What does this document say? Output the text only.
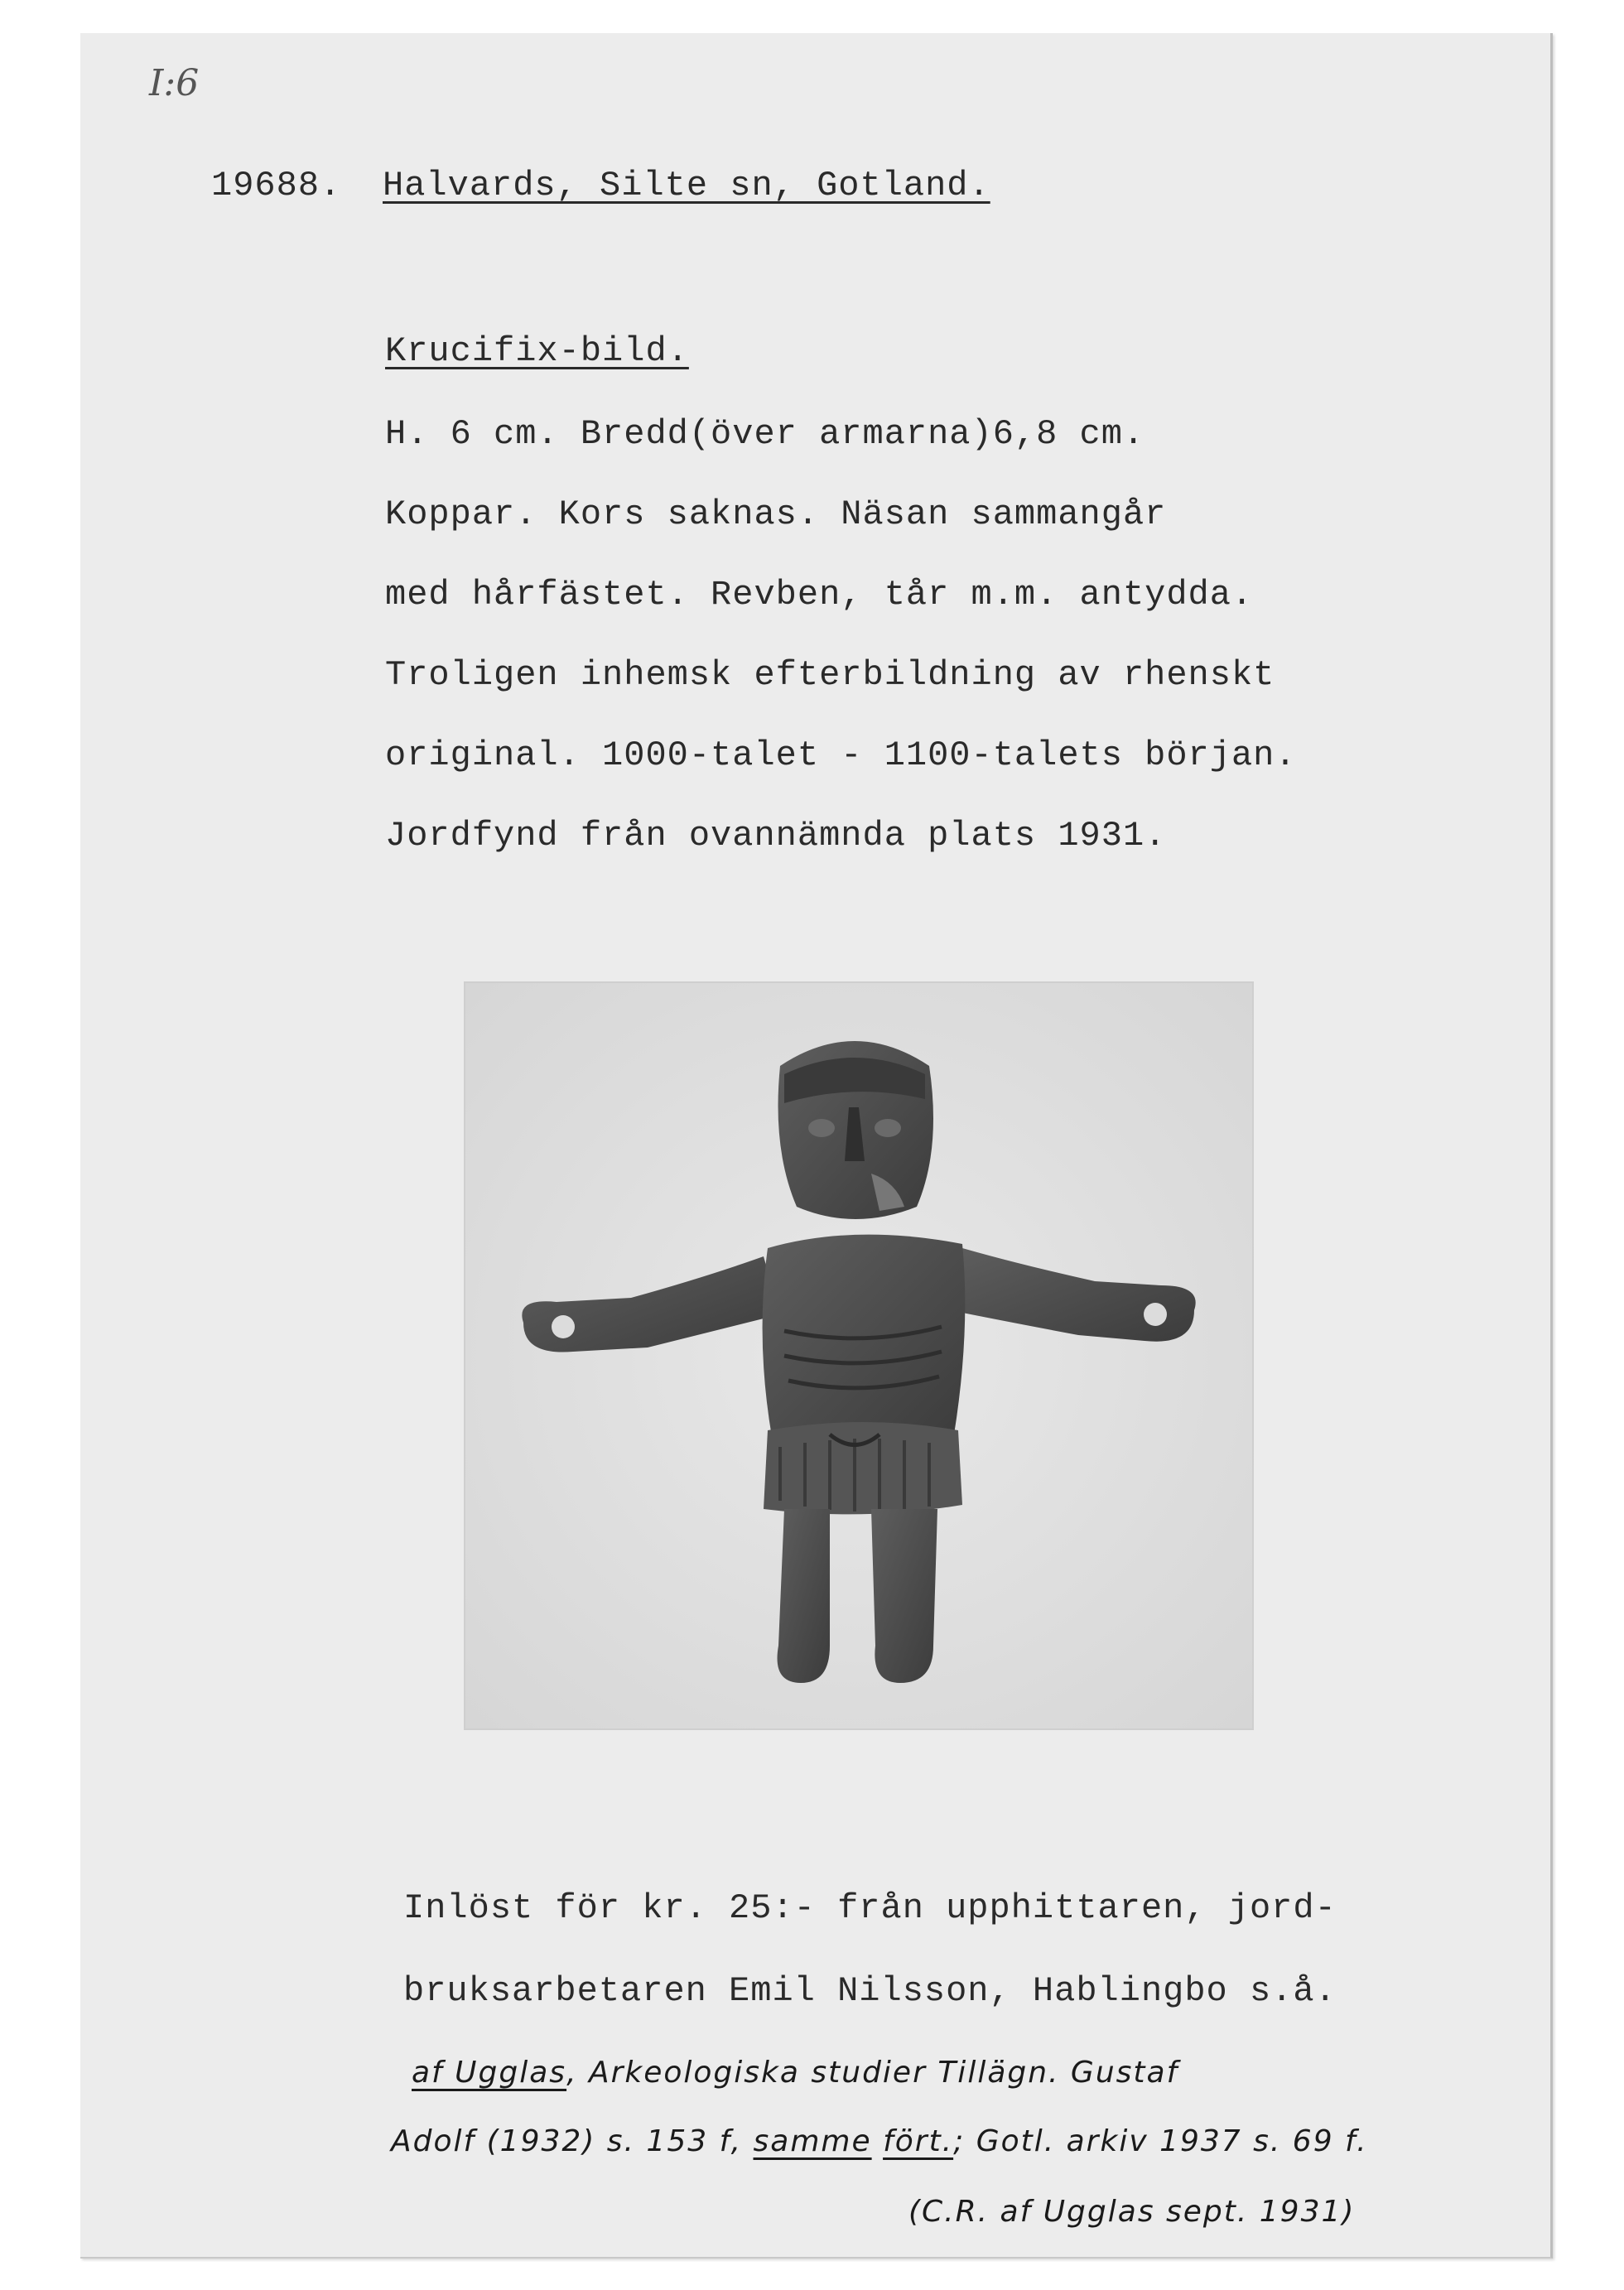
I:6
19688. Halvards, Silte sn, Gotland.
Krucifix-bild.
H. 6 cm. Bredd(över armarna)6,8 cm.
Koppar. Kors saknas. Näsan sammangår
med hårfästet. Revben, tår m.m. antydda.
Troligen inhemsk efterbildning av rhenskt
original. 1000-talet - 1100-talets början.
Jordfynd från ovannämnda plats 1931.
Inlöst för kr. 25:- från upphittaren, jord-
bruksarbetaren Emil Nilsson, Hablingbo s.å.
af Ugglas, Arkeologiska studier Tillägn. Gustaf
Adolf (1932) s. 153 f, samme fört.; Gotl. arkiv 1937 s. 69 f.
(C.R. af Ugglas sept. 1931)
